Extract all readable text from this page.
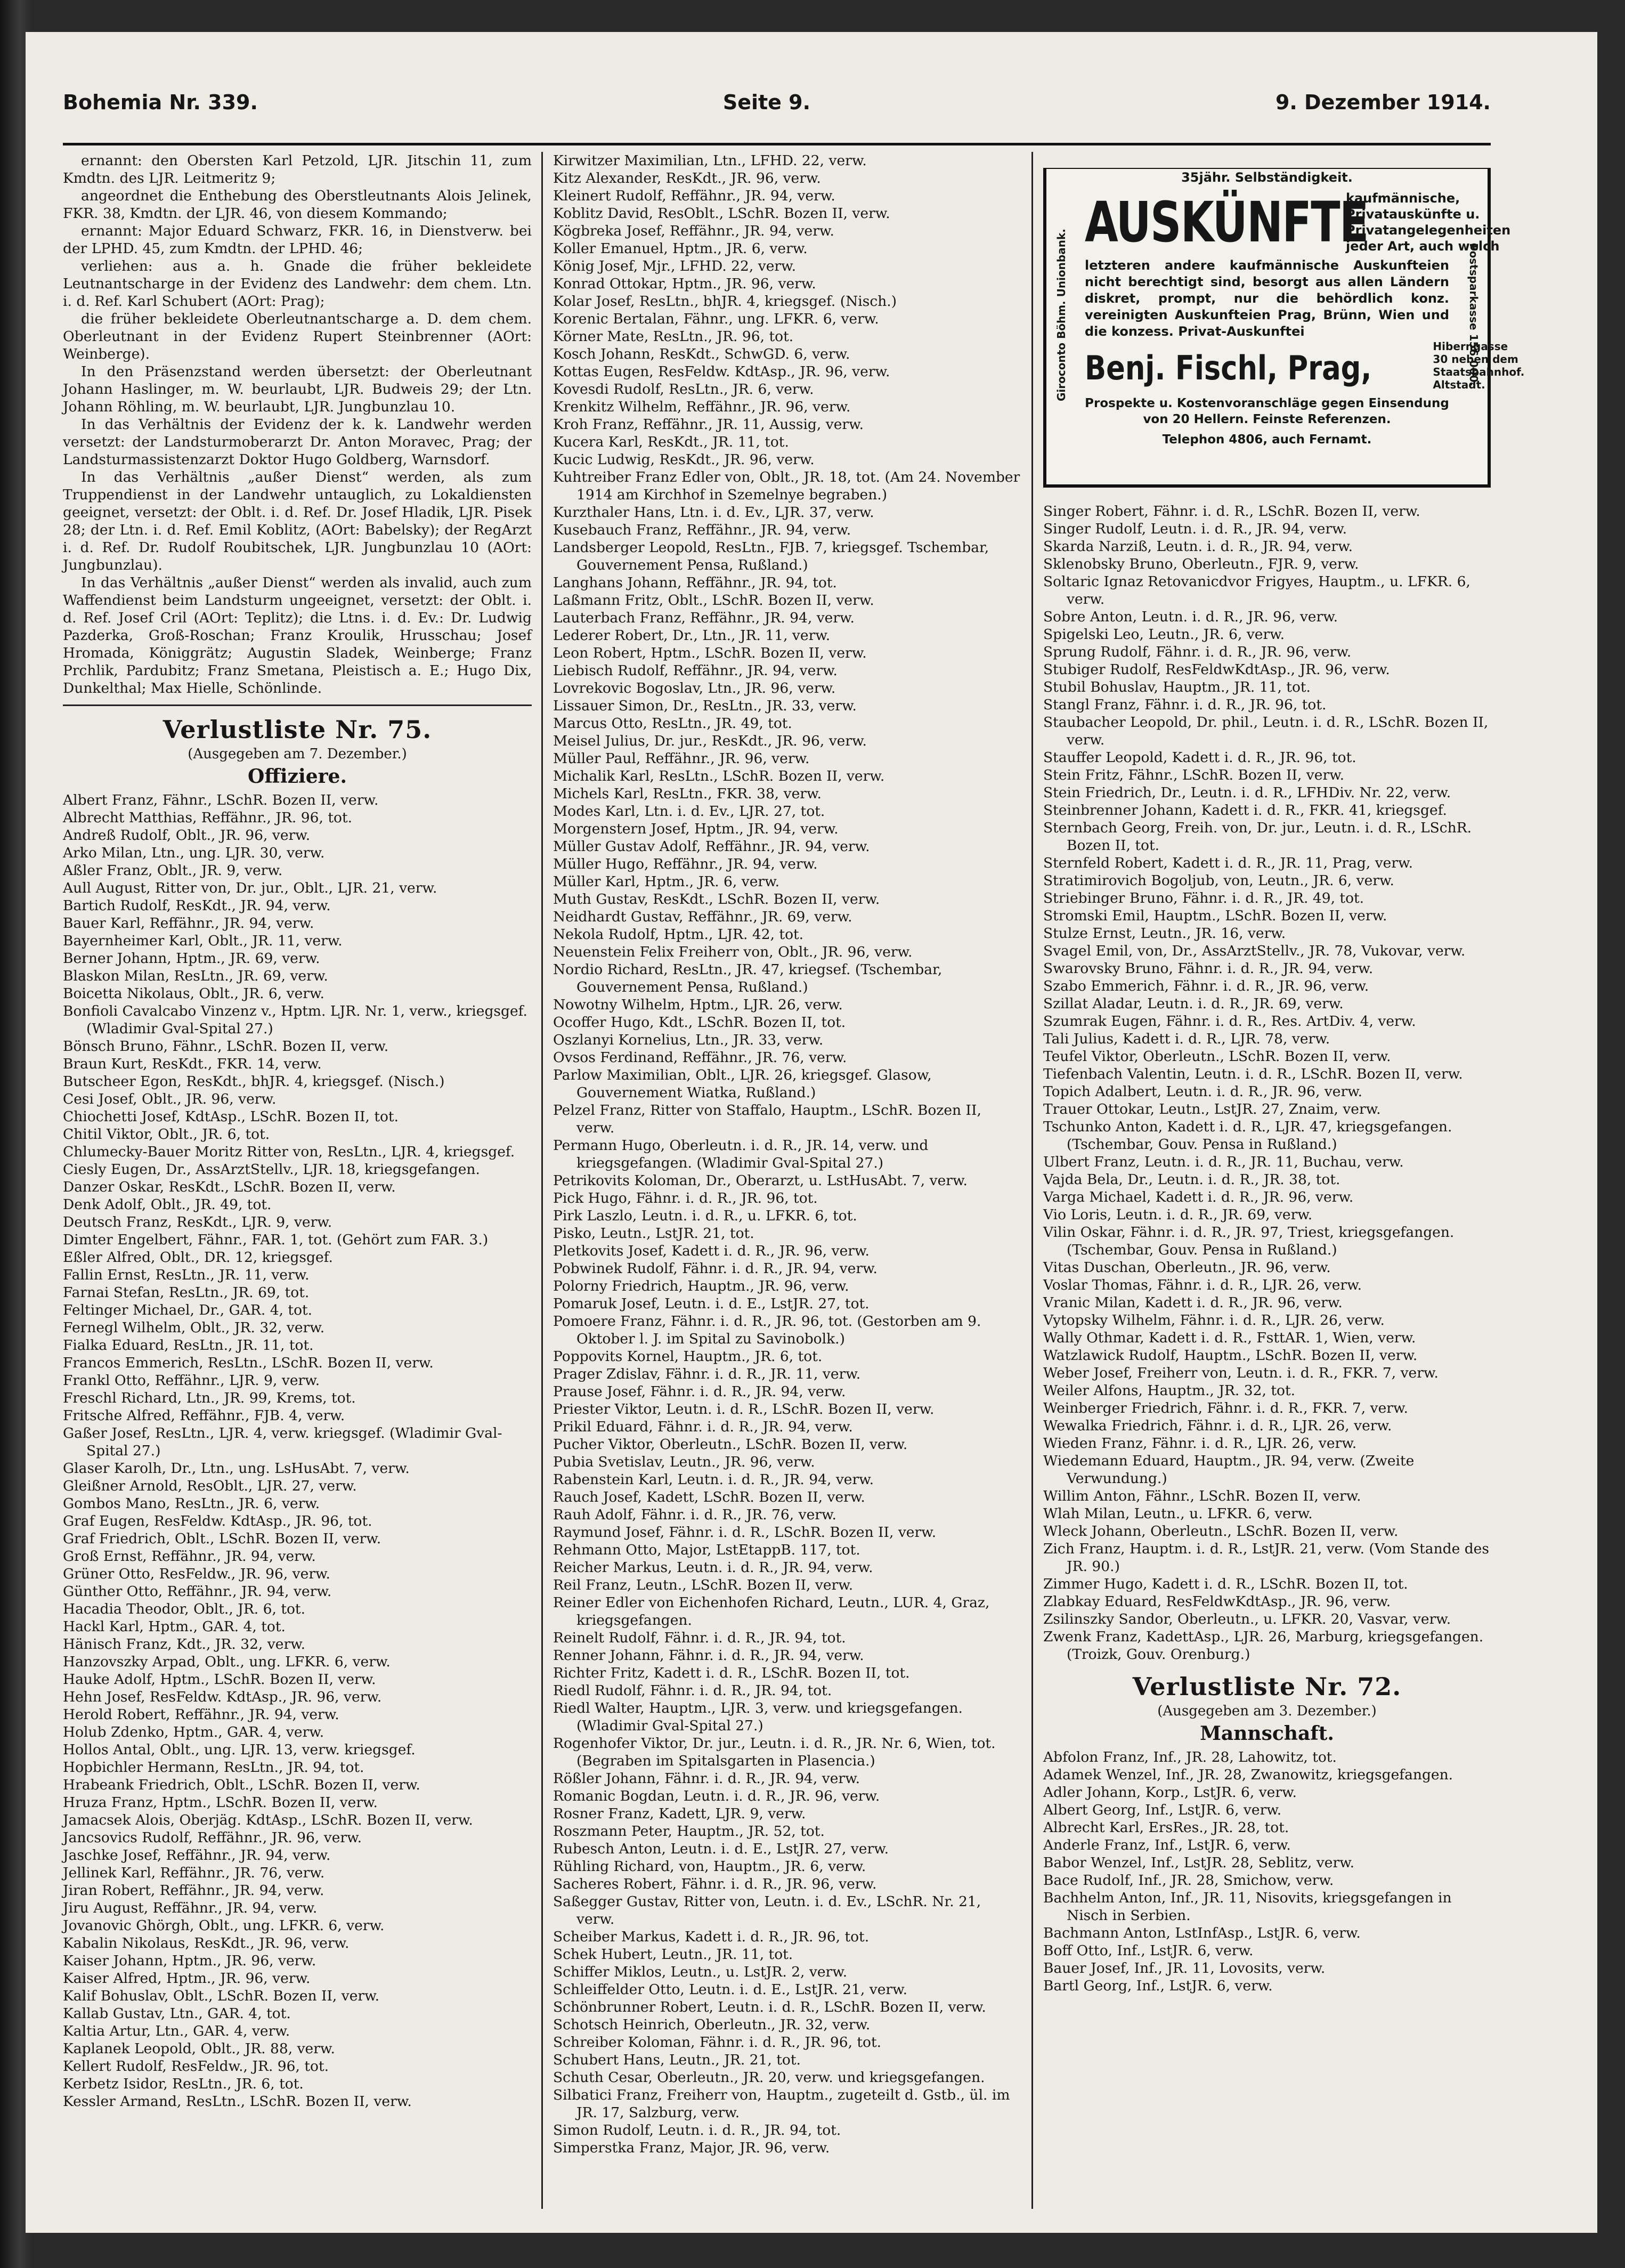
Bohemia Nr. 339.	Seite 9.	9. Dezember 1914.

ernannt: den Obersten Karl Petzold, LJR. Jitschin 11, zum Kmdtn. des LJR. Leitmeritz 9;

angeordnet die Enthebung des Oberstleutnants Alois Jelinek, FKR. 38, Kmdtn. der LJR. 46, von diesem Kommando;

ernannt: Major Eduard Schwarz, FKR. 16, in Dienstverw. bei der LPHD. 45, zum Kmdtn. der LPHD. 46;

verliehen: aus a. h. Gnade die früher bekleidete Leutnantscharge in der Evidenz des Landwehr: dem chem. Ltn. i. d. Ref. Karl Schubert (AOrt: Prag);

die früher bekleidete Oberleutnantscharge a. D. dem chem. Oberleutnant in der Evidenz Rupert Steinbrenner (AOrt: Weinberge).

In den Präsenzstand werden übersetzt: der Oberleutnant Johann Haslinger, m. W. beurlaubt, LJR. Budweis 29; der Ltn. Johann Röhling, m. W. beurlaubt, LJR. Jungbunzlau 10.

In das Verhältnis der Evidenz der k. k. Landwehr werden versetzt: der Landsturmoberarzt Dr. Anton Moravec, Prag; der Landsturmassistenzarzt Doktor Hugo Goldberg, Warnsdorf.

In das Verhältnis „außer Dienst“ werden, als zum Truppendienst in der Landwehr untauglich, zu Lokaldiensten geeignet, versetzt: der Oblt. i. d. Ref. Dr. Josef Hladik, LJR. Pisek 28; der Ltn. i. d. Ref. Emil Koblitz, (AOrt: Babelsky); der RegArzt i. d. Ref. Dr. Rudolf Roubitschek, LJR. Jungbunzlau 10 (AOrt: Jungbunzlau).

In das Verhältnis „außer Dienst“ werden als invalid, auch zum Waffendienst beim Landsturm ungeeignet, versetzt: der Oblt. i. d. Ref. Josef Cril (AOrt: Teplitz); die Ltns. i. d. Ev.: Dr. Ludwig Pazderka, Groß-Roschan; Franz Kroulik, Hrusschau; Josef Hromada, Königgrätz; Augustin Sladek, Weinberge; Franz Prchlik, Pardubitz; Franz Smetana, Pleistisch a. E.; Hugo Dix, Dunkelthal; Max Hielle, Schönlinde.

Verlustliste Nr. 75.
(Ausgegeben am 7. Dezember.)
Offiziere.

Albert Franz, Fähnr., LSchR. Bozen II, verw.

Albrecht Matthias, Reffähnr., JR. 96, tot.

Andreß Rudolf, Oblt., JR. 96, verw.

Arko Milan, Ltn., ung. LJR. 30, verw.

Aßler Franz, Oblt., JR. 9, verw.

Aull August, Ritter von, Dr. jur., Oblt., LJR. 21, verw.

Bartich Rudolf, ResKdt., JR. 94, verw.

Bauer Karl, Reffähnr., JR. 94, verw.

Bayernheimer Karl, Oblt., JR. 11, verw.

Berner Johann, Hptm., JR. 69, verw.

Blaskon Milan, ResLtn., JR. 69, verw.

Boicetta Nikolaus, Oblt., JR. 6, verw.

Bonfioli Cavalcabo Vinzenz v., Hptm. LJR. Nr. 1, verw., kriegsgef. (Wladimir Gval-Spital 27.)

Bönsch Bruno, Fähnr., LSchR. Bozen II, verw.

Braun Kurt, ResKdt., FKR. 14, verw.

Butscheer Egon, ResKdt., bhJR. 4, kriegsgef. (Nisch.)

Cesi Josef, Oblt., JR. 96, verw.

Chiochetti Josef, KdtAsp., LSchR. Bozen II, tot.

Chitil Viktor, Oblt., JR. 6, tot.

Chlumecky-Bauer Moritz Ritter von, ResLtn., LJR. 4, kriegsgef.

Ciesly Eugen, Dr., AssArztStellv., LJR. 18, kriegsgefangen.

Danzer Oskar, ResKdt., LSchR. Bozen II, verw.

Denk Adolf, Oblt., JR. 49, tot.

Deutsch Franz, ResKdt., LJR. 9, verw.

Dimter Engelbert, Fähnr., FAR. 1, tot. (Gehört zum FAR. 3.)

Eßler Alfred, Oblt., DR. 12, kriegsgef.

Fallin Ernst, ResLtn., JR. 11, verw.

Farnai Stefan, ResLtn., JR. 69, tot.

Feltinger Michael, Dr., GAR. 4, tot.

Fernegl Wilhelm, Oblt., JR. 32, verw.

Fialka Eduard, ResLtn., JR. 11, tot.

Francos Emmerich, ResLtn., LSchR. Bozen II, verw.

Frankl Otto, Reffähnr., LJR. 9, verw.

Freschl Richard, Ltn., JR. 99, Krems, tot.

Fritsche Alfred, Reffähnr., FJB. 4, verw.

Gaßer Josef, ResLtn., LJR. 4, verw. kriegsgef. (Wladimir Gval-Spital 27.)

Glaser Karolh, Dr., Ltn., ung. LsHusAbt. 7, verw.

Gleißner Arnold, ResOblt., LJR. 27, verw.

Gombos Mano, ResLtn., JR. 6, verw.

Graf Eugen, ResFeldw. KdtAsp., JR. 96, tot.

Graf Friedrich, Oblt., LSchR. Bozen II, verw.

Groß Ernst, Reffähnr., JR. 94, verw.

Grüner Otto, ResFeldw., JR. 96, verw.

Günther Otto, Reffähnr., JR. 94, verw.

Hacadia Theodor, Oblt., JR. 6, tot.

Hackl Karl, Hptm., GAR. 4, tot.

Hänisch Franz, Kdt., JR. 32, verw.

Hanzovszky Arpad, Oblt., ung. LFKR. 6, verw.

Hauke Adolf, Hptm., LSchR. Bozen II, verw.

Hehn Josef, ResFeldw. KdtAsp., JR. 96, verw.

Herold Robert, Reffähnr., JR. 94, verw.

Holub Zdenko, Hptm., GAR. 4, verw.

Hollos Antal, Oblt., ung. LJR. 13, verw. kriegsgef.

Hopbichler Hermann, ResLtn., JR. 94, tot.

Hrabeank Friedrich, Oblt., LSchR. Bozen II, verw.

Hruza Franz, Hptm., LSchR. Bozen II, verw.

Jamacsek Alois, Oberjäg. KdtAsp., LSchR. Bozen II, verw.

Jancsovics Rudolf, Reffähnr., JR. 96, verw.

Jaschke Josef, Reffähnr., JR. 94, verw.

Jellinek Karl, Reffähnr., JR. 76, verw.

Jiran Robert, Reffähnr., JR. 94, verw.

Jiru August, Reffähnr., JR. 94, verw.

Jovanovic Ghörgh, Oblt., ung. LFKR. 6, verw.

Kabalin Nikolaus, ResKdt., JR. 96, verw.

Kaiser Johann, Hptm., JR. 96, verw.

Kaiser Alfred, Hptm., JR. 96, verw.

Kalif Bohuslav, Oblt., LSchR. Bozen II, verw.

Kallab Gustav, Ltn., GAR. 4, tot.

Kaltia Artur, Ltn., GAR. 4, verw.

Kaplanek Leopold, Oblt., JR. 88, verw.

Kellert Rudolf, ResFeldw., JR. 96, tot.

Kerbetz Isidor, ResLtn., JR. 6, tot.

Kessler Armand, ResLtn., LSchR. Bozen II, verw.

Kirwitzer Maximilian, Ltn., LFHD. 22, verw.

Kitz Alexander, ResKdt., JR. 96, verw.

Kleinert Rudolf, Reffähnr., JR. 94, verw.

Koblitz David, ResOblt., LSchR. Bozen II, verw.

Kögbreka Josef, Reffähnr., JR. 94, verw.

Koller Emanuel, Hptm., JR. 6, verw.

König Josef, Mjr., LFHD. 22, verw.

Konrad Ottokar, Hptm., JR. 96, verw.

Kolar Josef, ResLtn., bhJR. 4, kriegsgef. (Nisch.)

Korenic Bertalan, Fähnr., ung. LFKR. 6, verw.

Körner Mate, ResLtn., JR. 96, tot.

Kosch Johann, ResKdt., SchwGD. 6, verw.

Kottas Eugen, ResFeldw. KdtAsp., JR. 96, verw.

Kovesdi Rudolf, ResLtn., JR. 6, verw.

Krenkitz Wilhelm, Reffähnr., JR. 96, verw.

Kroh Franz, Reffähnr., JR. 11, Aussig, verw.

Kucera Karl, ResKdt., JR. 11, tot.

Kucic Ludwig, ResKdt., JR. 96, verw.

Kuhtreiber Franz Edler von, Oblt., JR. 18, tot. (Am 24. November 1914 am Kirchhof in Szemelnye begraben.)

Kurzthaler Hans, Ltn. i. d. Ev., LJR. 37, verw.

Kusebauch Franz, Reffähnr., JR. 94, verw.

Landsberger Leopold, ResLtn., FJB. 7, kriegsgef. Tschembar, Gouvernement Pensa, Rußland.)

Langhans Johann, Reffähnr., JR. 94, tot.

Laßmann Fritz, Oblt., LSchR. Bozen II, verw.

Lauterbach Franz, Reffähnr., JR. 94, verw.

Lederer Robert, Dr., Ltn., JR. 11, verw.

Leon Robert, Hptm., LSchR. Bozen II, verw.

Liebisch Rudolf, Reffähnr., JR. 94, verw.

Lovrekovic Bogoslav, Ltn., JR. 96, verw.

Lissauer Simon, Dr., ResLtn., JR. 33, verw.

Marcus Otto, ResLtn., JR. 49, tot.

Meisel Julius, Dr. jur., ResKdt., JR. 96, verw.

Müller Paul, Reffähnr., JR. 96, verw.

Michalik Karl, ResLtn., LSchR. Bozen II, verw.

Michels Karl, ResLtn., FKR. 38, verw.

Modes Karl, Ltn. i. d. Ev., LJR. 27, tot.

Morgenstern Josef, Hptm., JR. 94, verw.

Müller Gustav Adolf, Reffähnr., JR. 94, verw.

Müller Hugo, Reffähnr., JR. 94, verw.

Müller Karl, Hptm., JR. 6, verw.

Muth Gustav, ResKdt., LSchR. Bozen II, verw.

Neidhardt Gustav, Reffähnr., JR. 69, verw.

Nekola Rudolf, Hptm., LJR. 42, tot.

Neuenstein Felix Freiherr von, Oblt., JR. 96, verw.

Nordio Richard, ResLtn., JR. 47, kriegsef. (Tschembar, Gouvernement Pensa, Rußland.)

Nowotny Wilhelm, Hptm., LJR. 26, verw.

Ocoffer Hugo, Kdt., LSchR. Bozen II, tot.

Oszlanyi Kornelius, Ltn., JR. 33, verw.

Ovsos Ferdinand, Reffähnr., JR. 76, verw.

Parlow Maximilian, Oblt., LJR. 26, kriegsgef. Glasow, Gouvernement Wiatka, Rußland.)

Pelzel Franz, Ritter von Staffalo, Hauptm., LSchR. Bozen II, verw.

Permann Hugo, Oberleutn. i. d. R., JR. 14, verw. und kriegsgefangen. (Wladimir Gval-Spital 27.)

Petrikovits Koloman, Dr., Oberarzt, u. LstHusAbt. 7, verw.

Pick Hugo, Fähnr. i. d. R., JR. 96, tot.

Pirk Laszlo, Leutn. i. d. R., u. LFKR. 6, tot.

Pisko, Leutn., LstJR. 21, tot.

Pletkovits Josef, Kadett i. d. R., JR. 96, verw.

Pobwinek Rudolf, Fähnr. i. d. R., JR. 94, verw.

Polorny Friedrich, Hauptm., JR. 96, verw.

Pomaruk Josef, Leutn. i. d. E., LstJR. 27, tot.

Pomoere Franz, Fähnr. i. d. R., JR. 96, tot. (Gestorben am 9. Oktober l. J. im Spital zu Savinobolk.)

Poppovits Kornel, Hauptm., JR. 6, tot.

Prager Zdislav, Fähnr. i. d. R., JR. 11, verw.

Prause Josef, Fähnr. i. d. R., JR. 94, verw.

Priester Viktor, Leutn. i. d. R., LSchR. Bozen II, verw.

Prikil Eduard, Fähnr. i. d. R., JR. 94, verw.

Pucher Viktor, Oberleutn., LSchR. Bozen II, verw.

Pubia Svetislav, Leutn., JR. 96, verw.

Rabenstein Karl, Leutn. i. d. R., JR. 94, verw.

Rauch Josef, Kadett, LSchR. Bozen II, verw.

Rauh Adolf, Fähnr. i. d. R., JR. 76, verw.

Raymund Josef, Fähnr. i. d. R., LSchR. Bozen II, verw.

Rehmann Otto, Major, LstEtappB. 117, tot.

Reicher Markus, Leutn. i. d. R., JR. 94, verw.

Reil Franz, Leutn., LSchR. Bozen II, verw.

Reiner Edler von Eichenhofen Richard, Leutn., LUR. 4, Graz, kriegsgefangen.

Reinelt Rudolf, Fähnr. i. d. R., JR. 94, tot.

Renner Johann, Fähnr. i. d. R., JR. 94, verw.

Richter Fritz, Kadett i. d. R., LSchR. Bozen II, tot.

Riedl Rudolf, Fähnr. i. d. R., JR. 94, tot.

Riedl Walter, Hauptm., LJR. 3, verw. und kriegsgefangen. (Wladimir Gval-Spital 27.)

Rogenhofer Viktor, Dr. jur., Leutn. i. d. R., JR. Nr. 6, Wien, tot. (Begraben im Spitalsgarten in Plasencia.)

Rößler Johann, Fähnr. i. d. R., JR. 94, verw.

Romanic Bogdan, Leutn. i. d. R., JR. 96, verw.

Rosner Franz, Kadett, LJR. 9, verw.

Roszmann Peter, Hauptm., JR. 52, tot.

Rubesch Anton, Leutn. i. d. E., LstJR. 27, verw.

Rühling Richard, von, Hauptm., JR. 6, verw.

Sacheres Robert, Fähnr. i. d. R., JR. 96, verw.

Saßegger Gustav, Ritter von, Leutn. i. d. Ev., LSchR. Nr. 21, verw.

Scheiber Markus, Kadett i. d. R., JR. 96, tot.

Schek Hubert, Leutn., JR. 11, tot.

Schiffer Miklos, Leutn., u. LstJR. 2, verw.

Schleiffelder Otto, Leutn. i. d. E., LstJR. 21, verw.

Schönbrunner Robert, Leutn. i. d. R., LSchR. Bozen II, verw.

Schotsch Heinrich, Oberleutn., JR. 32, verw.

Schreiber Koloman, Fähnr. i. d. R., JR. 96, tot.

Schubert Hans, Leutn., JR. 21, tot.

Schuth Cesar, Oberleutn., JR. 20, verw. und kriegsgefangen.

Silbatici Franz, Freiherr von, Hauptm., zugeteilt d. Gstb., ül. im JR. 17, Salzburg, verw.

Simon Rudolf, Leutn. i. d. R., JR. 94, tot.

Simperstka Franz, Major, JR. 96, verw.

35jähr. Selbständigkeit.
Giroconto Böhm. Unionbank.	Postsparkasse 156.000.
AUSKÜNFTE
kaufmännische, Privatauskünfte u. Privatangelegenheiten jeder Art, auch welch
letzteren andere kaufmännische Auskunfteien nicht berechtigt sind, besorgt aus allen Ländern diskret, prompt, nur die behördlich konz. vereinigten Auskunfteien Prag, Brünn, Wien und die konzess. Privat-Auskunftei
Benj. Fischl, Prag,
Hiberngasse 30 neben dem Staatsbahnhof. Altstadt.
Prospekte u. Kostenvoranschläge gegen Einsendung von 20 Hellern. Feinste Referenzen.
Telephon 4806, auch Fernamt.

Singer Robert, Fähnr. i. d. R., LSchR. Bozen II, verw.

Singer Rudolf, Leutn. i. d. R., JR. 94, verw.

Skarda Narziß, Leutn. i. d. R., JR. 94, verw.

Sklenobsky Bruno, Oberleutn., FJR. 9, verw.

Soltaric Ignaz Retovanicdvor Frigyes, Hauptm., u. LFKR. 6, verw.

Sobre Anton, Leutn. i. d. R., JR. 96, verw.

Spigelski Leo, Leutn., JR. 6, verw.

Sprung Rudolf, Fähnr. i. d. R., JR. 96, verw.

Stubiger Rudolf, ResFeldwKdtAsp., JR. 96, verw.

Stubil Bohuslav, Hauptm., JR. 11, tot.

Stangl Franz, Fähnr. i. d. R., JR. 96, tot.

Staubacher Leopold, Dr. phil., Leutn. i. d. R., LSchR. Bozen II, verw.

Stauffer Leopold, Kadett i. d. R., JR. 96, tot.

Stein Fritz, Fähnr., LSchR. Bozen II, verw.

Stein Friedrich, Dr., Leutn. i. d. R., LFHDiv. Nr. 22, verw.

Steinbrenner Johann, Kadett i. d. R., FKR. 41, kriegsgef.

Sternbach Georg, Freih. von, Dr. jur., Leutn. i. d. R., LSchR. Bozen II, tot.

Sternfeld Robert, Kadett i. d. R., JR. 11, Prag, verw.

Stratimirovich Bogoljub, von, Leutn., JR. 6, verw.

Striebinger Bruno, Fähnr. i. d. R., JR. 49, tot.

Stromski Emil, Hauptm., LSchR. Bozen II, verw.

Stulze Ernst, Leutn., JR. 16, verw.

Svagel Emil, von, Dr., AssArztStellv., JR. 78, Vukovar, verw.

Swarovsky Bruno, Fähnr. i. d. R., JR. 94, verw.

Szabo Emmerich, Fähnr. i. d. R., JR. 96, verw.

Szillat Aladar, Leutn. i. d. R., JR. 69, verw.

Szumrak Eugen, Fähnr. i. d. R., Res. ArtDiv. 4, verw.

Tali Julius, Kadett i. d. R., LJR. 78, verw.

Teufel Viktor, Oberleutn., LSchR. Bozen II, verw.

Tiefenbach Valentin, Leutn. i. d. R., LSchR. Bozen II, verw.

Topich Adalbert, Leutn. i. d. R., JR. 96, verw.

Trauer Ottokar, Leutn., LstJR. 27, Znaim, verw.

Tschunko Anton, Kadett i. d. R., LJR. 47, kriegsgefangen. (Tschembar, Gouv. Pensa in Rußland.)

Ulbert Franz, Leutn. i. d. R., JR. 11, Buchau, verw.

Vajda Bela, Dr., Leutn. i. d. R., JR. 38, tot.

Varga Michael, Kadett i. d. R., JR. 96, verw.

Vio Loris, Leutn. i. d. R., JR. 69, verw.

Vilin Oskar, Fähnr. i. d. R., JR. 97, Triest, kriegsgefangen. (Tschembar, Gouv. Pensa in Rußland.)

Vitas Duschan, Oberleutn., JR. 96, verw.

Voslar Thomas, Fähnr. i. d. R., LJR. 26, verw.

Vranic Milan, Kadett i. d. R., JR. 96, verw.

Vytopsky Wilhelm, Fähnr. i. d. R., LJR. 26, verw.

Wally Othmar, Kadett i. d. R., FsttAR. 1, Wien, verw.

Watzlawick Rudolf, Hauptm., LSchR. Bozen II, verw.

Weber Josef, Freiherr von, Leutn. i. d. R., FKR. 7, verw.

Weiler Alfons, Hauptm., JR. 32, tot.

Weinberger Friedrich, Fähnr. i. d. R., FKR. 7, verw.

Wewalka Friedrich, Fähnr. i. d. R., LJR. 26, verw.

Wieden Franz, Fähnr. i. d. R., LJR. 26, verw.

Wiedemann Eduard, Hauptm., JR. 94, verw. (Zweite Verwundung.)

Willim Anton, Fähnr., LSchR. Bozen II, verw.

Wlah Milan, Leutn., u. LFKR. 6, verw.

Wleck Johann, Oberleutn., LSchR. Bozen II, verw.

Zich Franz, Hauptm. i. d. R., LstJR. 21, verw. (Vom Stande des JR. 90.)

Zimmer Hugo, Kadett i. d. R., LSchR. Bozen II, tot.

Zlabkay Eduard, ResFeldwKdtAsp., JR. 96, verw.

Zsilinszky Sandor, Oberleutn., u. LFKR. 20, Vasvar, verw.

Zwenk Franz, KadettAsp., LJR. 26, Marburg, kriegsgefangen. (Troizk, Gouv. Orenburg.)

Verlustliste Nr. 72.
(Ausgegeben am 3. Dezember.)
Mannschaft.

Abfolon Franz, Inf., JR. 28, Lahowitz, tot.

Adamek Wenzel, Inf., JR. 28, Zwanowitz, kriegsgefangen.

Adler Johann, Korp., LstJR. 6, verw.

Albert Georg, Inf., LstJR. 6, verw.

Albrecht Karl, ErsRes., JR. 28, tot.

Anderle Franz, Inf., LstJR. 6, verw.

Babor Wenzel, Inf., LstJR. 28, Seblitz, verw.

Bace Rudolf, Inf., JR. 28, Smichow, verw.

Bachhelm Anton, Inf., JR. 11, Nisovits, kriegsgefangen in Nisch in Serbien.

Bachmann Anton, LstInfAsp., LstJR. 6, verw.

Boff Otto, Inf., LstJR. 6, verw.

Bauer Josef, Inf., JR. 11, Lovosits, verw.

Bartl Georg, Inf., LstJR. 6, verw.
